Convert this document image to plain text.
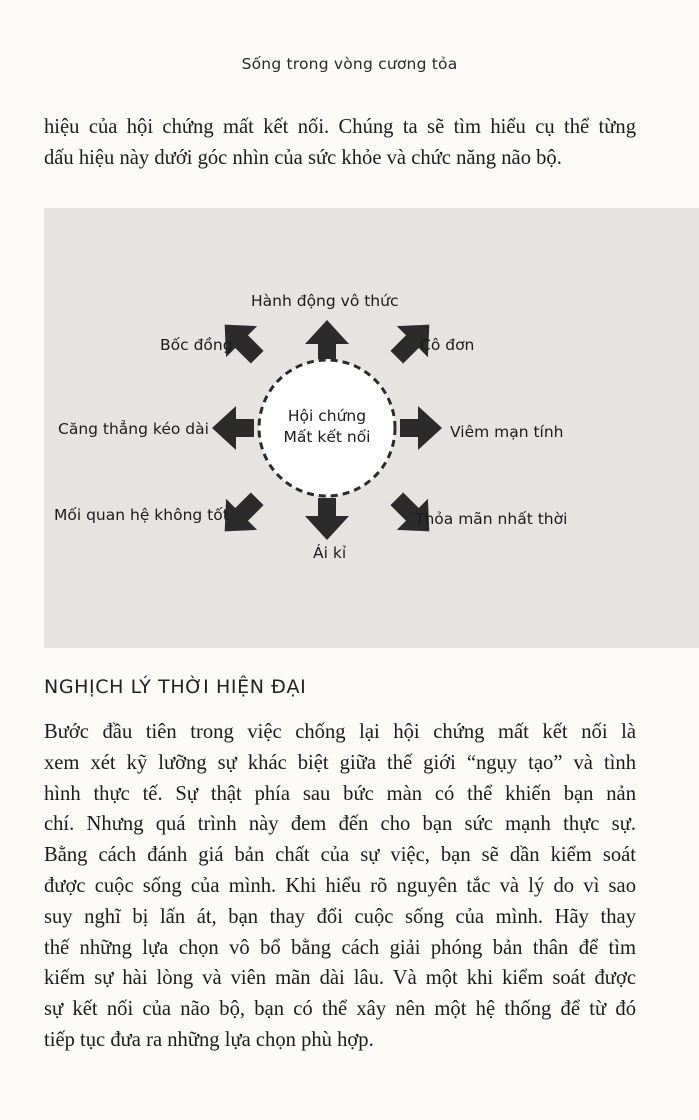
Sống trong vòng cương tỏa

hiệu của hội chứng mất kết nối. Chúng ta sẽ tìm hiểu cụ thể từng
dấu hiệu này dưới góc nhìn của sức khỏe và chức năng não bộ.

Hội chứng
Mất kết nối
Hành động vô thức
Bốc đồng	Cô đơn
Căng thẳng kéo dài	Viêm mạn tính
Mối quan hệ không tốt	Thỏa mãn nhất thời
Ái kỉ
NGHỊCH LÝ THỜI HIỆN ĐẠI

Bước đầu tiên trong việc chống lại hội chứng mất kết nối là
xem xét kỹ lưỡng sự khác biệt giữa thế giới “ngụy tạo” và tình
hình thực tế. Sự thật phía sau bức màn có thể khiến bạn nản
chí. Nhưng quá trình này đem đến cho bạn sức mạnh thực sự.
Bằng cách đánh giá bản chất của sự việc, bạn sẽ dần kiểm soát
được cuộc sống của mình. Khi hiểu rõ nguyên tắc và lý do vì sao
suy nghĩ bị lấn át, bạn thay đổi cuộc sống của mình. Hãy thay
thế những lựa chọn vô bổ bằng cách giải phóng bản thân để tìm
kiếm sự hài lòng và viên mãn dài lâu. Và một khi kiểm soát được
sự kết nối của não bộ, bạn có thể xây nên một hệ thống để từ đó
tiếp tục đưa ra những lựa chọn phù hợp.
